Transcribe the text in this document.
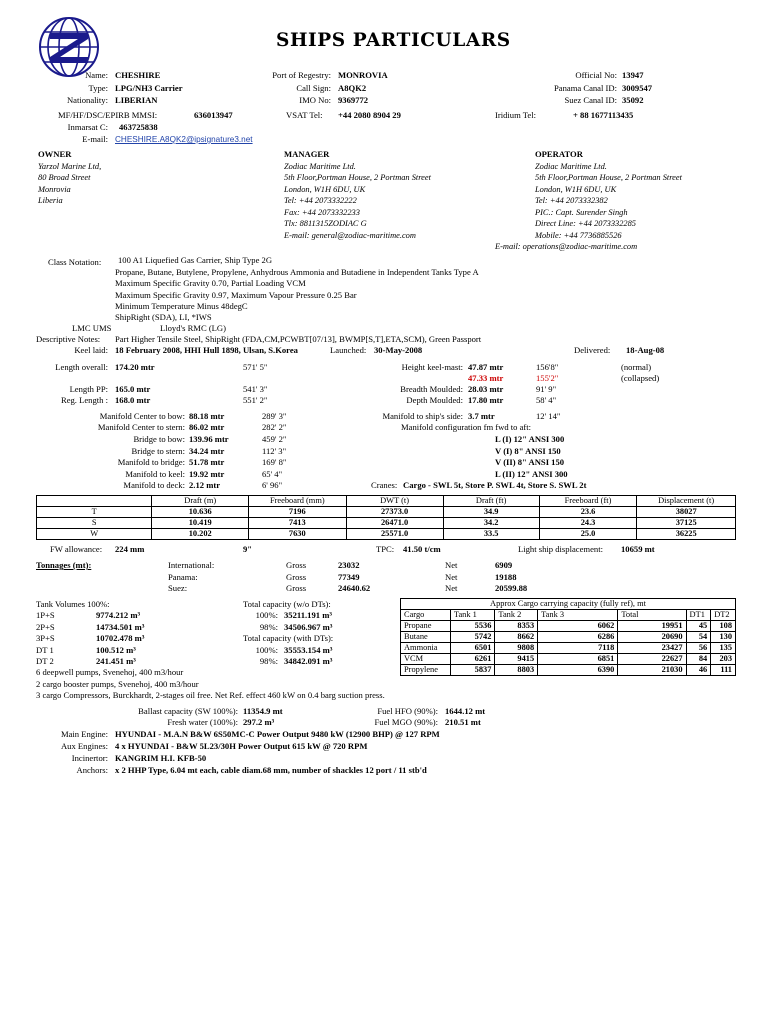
SHIPS PARTICULARS
Name: CHESHIRE
Type: LPG/NH3 Carrier
Nationality: LIBERIAN
Port of Regestry: MONROVIA
Call Sign: A8QK2
IMO No: 9369772
Official No: 13947
Panama Canal ID: 3009547
Suez Canal ID: 35092
MF/HF/DSC/EPIRB MMSI:	636013947	VSAT Tel: +44 2080 8904 29	Iridium Tel:	+ 88 1677113435
Inmarsat C: 463725838
E-mail: CHESHIRE.A8QK2@ipsignature3.net
OWNER
Yarzol Marine Ltd,
80 Broad Street
Monrovia
Liberia
MANAGER
Zodiac Maritime Ltd.
5th Floor,Portman House, 2 Portman Street
London, W1H 6DU, UK
Tel: +44 2073332222
Fax: +44 2073332233
Tlx: 8811315ZODIAC G
E-mail: general@zodiac-maritime.com
OPERATOR
Zodiac Maritime Ltd.
5th Floor,Portman House, 2 Portman Street
London, W1H 6DU, UK
Tel: +44 2073332382
PIC.: Capt. Surender Singh
Direct Line: +44 2073332285
Mobile: +44 7736885526
E-mail: operations@zodiac-maritime.com
Class Notation: 100 A1 Liquefied Gas Carrier, Ship Type 2G
Propane, Butane, Butylene, Propylene, Anhydrous Ammonia and Butadiene in Independent Tanks Type A
Maximum Specific Gravity 0.70, Partial Loading VCM
Maximum Specific Gravity 0.97, Maximum Vapour Pressure 0.25 Bar
Minimum Temperature Minus 48degC
ShipRight (SDA), LI, *IWS
LMC UMS	Lloyd's RMC (LG)
Descriptive Notes: Part Higher Tensile Steel, ShipRight (FDA,CM,PCWBT[07/13], BWMP[S,T],ETA,SCM), Green Passport
Keel laid: 18 February 2008, HHI Hull 1898, Ulsan, S.Korea	Launched: 30-May-2008	Delivered: 18-Aug-08
Length overall: 174.20 mtr	571' 5"
Length PP: 165.0 mtr	541' 3"
Reg. Length : 168.0 mtr	551' 2"
Height keel-mast: 47.87 mtr	156'8"	(normal)
47.33 mtr	155'2"	(collapsed)
Breadth Moulded: 28.03 mtr	91' 9"
Depth Moulded: 17.80 mtr	58' 4"
Manifold Center to bow: 88.18 mtr	289' 3"
Manifold Center to stern: 86.02 mtr	282' 2"
Bridge to bow: 139.96 mtr	459' 2"
Bridge to stern: 34.24 mtr	112' 3"
Manifold to bridge: 51.78 mtr	169' 8"
Manifold to keel: 19.92 mtr	65' 4"
Manifold to deck: 2.12 mtr	6' 96"
Manifold to ship's side: 3.7 mtr	12' 14"
Manifold configuration fm fwd to aft:
L (I) 12" ANSI 300
V (I) 8" ANSI 150
V (II) 8" ANSI 150
L (II) 12" ANSI 300
Cranes: Cargo - SWL 5t, Store P. SWL 4t, Store S. SWL 2t
	Draft (m)	Freeboard (mm)	DWT (t)	Draft (ft)	Freeboard (ft)	Displacement (t)
T	10.636	7196	27373.0	34.9	23.6	38027
S	10.419	7413	26471.0	34.2	24.3	37125
W	10.202	7630	25571.0	33.5	25.0	36225
FW allowance: 224 mm	9"	TPC: 41.50 t/cm	Light ship displacement: 10659 mt
Tonnages (mt):	International:	Gross	23032	Net	6909
Panama:	Gross	77349	Net	19188
Suez:	Gross	24640.62	Net	20599.88
Tank Volumes 100%:
1P+S	9774.212 m³
2P+S	14734.501 m³
3P+S	10702.478 m³
DT 1	100.512 m³
DT 2	241.451 m³
Total capacity (w/o DTs):
100%: 35211.191 m³
98%: 34506.967 m³
Total capacity (with DTs):
100%: 35553.154 m³
98%: 34842.091 m³
6 deepwell pumps, Svenehoj, 400 m3/hour
2 cargo booster pumps, Svenehoj, 400 m3/hour
3 cargo Compressors, Burckhardt, 2-stages oil free. Net Ref. effect 460 kW on 0.4 barg suction press.
Approx Cargo carrying capacity (fully ref), mt						
Cargo	Tank 1	Tank 2	Tank 3	Total	DT1	DT2
Propane	5536	8353	6062	19951	45	108
Butane	5742	8662	6286	20690	54	130
Ammonia	6501	9808	7118	23427	56	135
VCM	6261	9415	6851	22627	84	203
Propylene	5837	8803	6390	21030	46	111
Ballast capacity (SW 100%): 11354.9 mt
Fresh water (100%): 297.2 m³
Fuel HFO (90%): 1644.12 mt
Fuel MGO (90%): 210.51 mt
Main Engine: HYUNDAI - M.A.N B&W 6S50MC-C Power Output 9480 kW (12900 BHP) @ 127 RPM
Aux Engines: 4 x HYUNDAI - B&W 5L23/30H Power Output 615 kW @ 720 RPM
Incinertor: KANGRIM H.I. KFB-50
Anchors: x 2 HHP Type, 6.04 mt each, cable diam.68 mm, number of shackles 12 port / 11 stb'd
